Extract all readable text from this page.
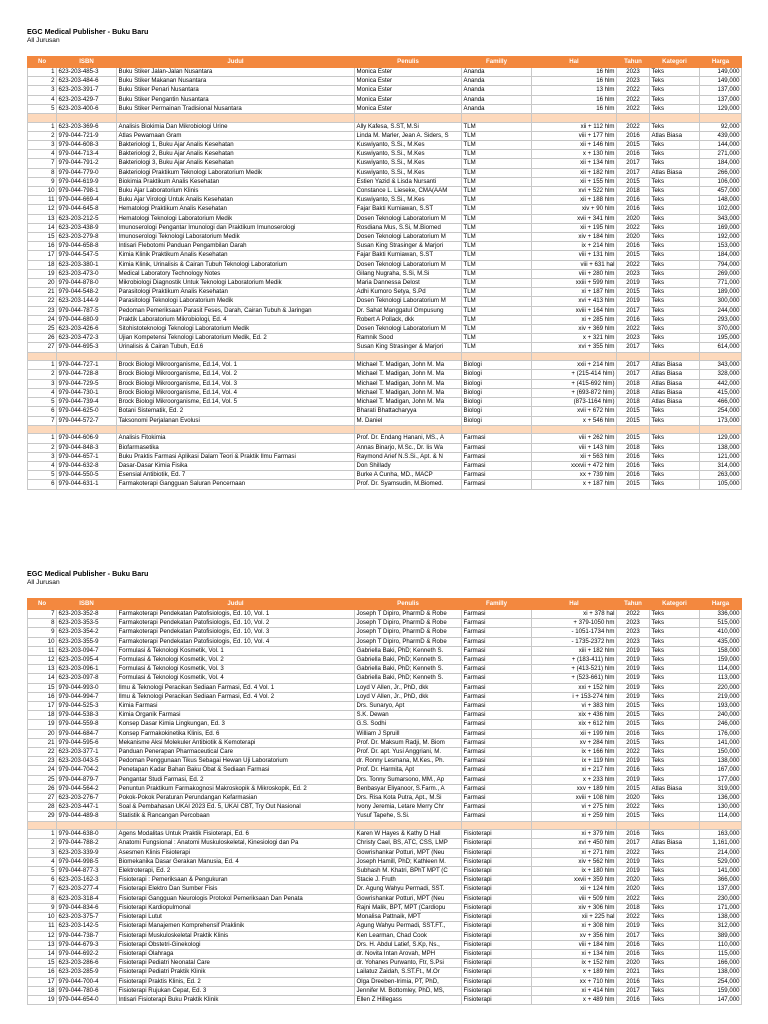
EGC Medical Publisher - Buku Baru
All Jurusan
No	ISBN	Judul	Penulis	Familly	Hal	Tahun	Kategori	Harga
1	623-203-485-3	Buku Stiker Jalan-Jalan Nusantara	Monica Ester	Ananda	16 hlm	2023	Teks	149,000
2	623-203-484-6	Buku Stiker Makanan Nusantara	Monica Ester	Ananda	16 hlm	2023	Teks	149,000
3	623-203-391-7	Buku Stiker Penari Nusantara	Monica Ester	Ananda	13 hlm	2022	Teks	137,000
4	623-203-429-7	Buku Stiker Pengantin Nusantara	Monica Ester	Ananda	16 hlm	2022	Teks	137,000
5	623-203-400-6	Buku Stiker Permainan Tradisional Nusantara	Monica Ester	Ananda	16 hlm	2022	Teks	129,000

1	623-203-369-6	Analisis Biokimia Dan Mikrobiologi Urine	Ally Kafesa, S.ST, M.Si	TLM	xii + 112 hlm	2022	Teks	92,000
2	979-044-721-9	Atlas Pewarnaan Gram	Linda M. Marler, Jean A. Siders, S	TLM	viii + 177 hlm	2016	Atlas Biasa	439,000
3	979-044-608-3	Bakteriologi 1, Buku Ajar Analis Kesehatan	Kuswiyanto, S.Si., M.Kes	TLM	xii + 146 hlm	2015	Teks	144,000
4	979-044-713-4	Bakteriologi 2, Buku Ajar Analis Kesehatan	Kuswiyanto, S.Si., M.Kes	TLM	x + 130 hlm	2016	Teks	271,000
7	979-044-791-2	Bakteriologi 3, Buku Ajar Analis Kesehatan	Kuswiyanto, S.Si., M.Kes	TLM	xii + 134 hlm	2017	Teks	184,000
8	979-044-779-0	Bakteriologi Praktikum Teknologi Laboratorium Medik	Kuswiyanto, S.Si., M.Kes	TLM	xii + 182 hlm	2017	Atlas Biasa	266,000
9	979-044-619-9	Biokimia Praktikum Analis Kesehatan	Estien Yazid & Lisda Nursanti	TLM	xii + 155 hlm	2015	Teks	106,000
10	979-044-798-1	Buku Ajar Laboratorium Klinis	Constance L. Lieseke, CMA(AAM	TLM	xvi + 522 hlm	2018	Teks	457,000
11	979-044-669-4	Buku Ajar Virologi Untuk Analis Kesehatan	Kuswiyanto, S.Si., M.Kes	TLM	xii + 188 hlm	2016	Teks	148,000
12	979-044-645-8	Hematologi Praktikum Analis Kesehatan	Fajar Bakti Kurniawan, S.ST	TLM	xiv + 90 hlm	2016	Teks	102,000
13	623-203-212-5	Hematologi Teknologi Laboratorium Medik	Dosen Teknologi Laboratorium M	TLM	xvii + 341 hlm	2020	Teks	343,000
14	623-203-438-9	Imunoserologi Pengantar Imunologi dan Praktikum Imunoserologi	Rosdiana Mus, S.Si, M.Biomed	TLM	xii + 195 hlm	2022	Teks	169,000
15	623-203-279-8	Imunoserologi Teknologi Laboratorium Medik	Dosen Teknologi Laboratorium M	TLM	xiv + 184 hlm	2020	Teks	192,000
16	979-044-658-8	Intisari Flebotomi Panduan Pengambilan Darah	Susan King Strasinger & Marjori	TLM	ix + 214 hlm	2016	Teks	153,000
17	979-044-547-5	Kimia Klinik Praktikum Analis Kesehatan	Fajar Bakti Kurniawan, S.ST	TLM	viii + 131 hlm	2015	Teks	184,000
18	623-203-380-1	Kimia Klinik, Urinalisis & Cairan Tubuh Teknologi Laboratorium	Dosen Teknologi Laboratorium M	TLM	viii + 631 hal	2022	Teks	794,000
19	623-203-473-0	Medical Laboratory Technology Notes	Gilang Nugraha, S.Si, M.Si	TLM	viii + 280 hlm	2023	Teks	269,000
20	979-044-878-0	Mikrobiologi Diagnostik Untuk Teknologi Laboratorium Medik	Maria Dannessa Delost	TLM	xxiii + 599 hlm	2019	Teks	771,000
21	979-044-548-2	Parasitologi Praktikum Analis Kesehatan	Adhi Kumoro Setya, S.Pd	TLM	xi + 187 hlm	2015	Teks	189,000
22	623-203-144-9	Parasitologi Teknologi Laboratorium Medik	Dosen Teknologi Laboratorium M	TLM	xvi + 413 hlm	2019	Teks	300,000
23	979-044-787-5	Pedoman Pemeriksaan Parasit Feses, Darah, Cairan Tubuh & Jaringan	Dr. Sahat Manggatul Ompusung	TLM	xviii + 164 hlm	2017	Teks	244,000
24	979-044-680-9	Praktik Laboratorium Mikrobiologi, Ed. 4	Robert A Pollack, dkk	TLM	xi + 285 hlm	2016	Teks	293,000
25	623-203-426-6	Sitohistoteknologi Teknologi Laboratorium Medik	Dosen Teknologi Laboratorium M	TLM	xiv + 369 hlm	2022	Teks	370,000
26	623-203-472-3	Ujian Kompetensi Teknologi Laboratorium Medik, Ed. 2	Ramnik Sood	TLM	x + 321 hlm	2023	Teks	195,000
27	979-044-695-3	Urinalisis & Cairan Tubuh, Ed.6	Susan King Strasinger & Marjori	TLM	xvi + 355 hlm	2017	Teks	614,000

1	979-044-727-1	Brock Biologi Mikroorganisme, Ed.14, Vol. 1	Michael T. Madigan, John M. Ma	Biologi	xxii + 214 hlm	2017	Atlas Biasa	343,000
2	979-044-728-8	Brock Biologi Mikroorganisme, Ed.14, Vol. 2	Michael T. Madigan, John M. Ma	Biologi	+ (215-414 hlm)	2017	Atlas Biasa	328,000
3	979-044-729-5	Brock Biologi Mikroorganisme, Ed.14, Vol. 3	Michael T. Madigan, John M. Ma	Biologi	+ (415-692 hlm)	2018	Atlas Biasa	442,000
4	979-044-730-1	Brock Biologi Mikroorganisme, Ed.14, Vol. 4	Michael T. Madigan, John M. Ma	Biologi	+ (693-872 hlm)	2018	Atlas Biasa	415,000
5	979-044-739-4	Brock Biologi Mikroorganisme, Ed.14, Vol. 5	Michael T. Madigan, John M. Ma	Biologi	(873-1164 hlm)	2018	Atlas Biasa	466,000
6	979-044-625-0	Botani Sistematik, Ed. 2	Bharati Bhattacharyya	Biologi	xvii + 672 hlm	2015	Teks	254,000
7	979-044-572-7	Taksonomi Perjalanan Evolusi	M. Daniel	Biologi	x + 546 hlm	2015	Teks	173,000

1	979-044-606-9	Analisis Fitokimia	Prof. Dr. Endang Hanani, MS., A	Farmasi	viii + 262 hlm	2015	Teks	129,000
2	979-044-848-3	Biofarmasetika	Annas Binarjo, M.Sc., Dr. Iis Wa	Farmasi	viii + 143 hlm	2018	Teks	138,000
3	979-044-657-1	Buku Praktis Farmasi Aplikasi Dalam Teori & Praktik Ilmu Farmasi	Raymond Arief N.S.Si., Apt. & N	Farmasi	xii + 563 hlm	2016	Teks	121,000
4	979-044-632-8	Dasar-Dasar Kimia Fisika	Don Shillady	Farmasi	xxxvii + 472 hlm	2016	Teks	314,000
5	979-044-550-5	Esensial Antibiotik, Ed. 7	Burke A Cunha, MD., MACP	Farmasi	xx + 739 hlm	2016	Teks	263,000
6	979-044-631-1	Farmakoterapi Gangguan Saluran Pencernaan	Prof. Dr. Syamsudin, M.Biomed.	Farmasi	x + 187 hlm	2015	Teks	105,000
EGC Medical Publisher - Buku Baru
All Jurusan
No	ISBN	Judul	Penulis	Familly	Hal	Tahun	Kategori	Harga
7	623-203-352-8	Farmakoterapi Pendekatan Patofisiologis, Ed. 10, Vol. 1	Joseph T Dipiro, PharmD & Robe	Farmasi	xi + 378 hal	2022	Teks	336,000
8	623-203-353-5	Farmakoterapi Pendekatan Patofisiologis, Ed. 10, Vol. 2	Joseph T Dipiro, PharmD & Robe	Farmasi	+ 379-1050 hm	2023	Teks	515,000
9	623-203-354-2	Farmakoterapi Pendekatan Patofisiologis, Ed. 10, Vol. 3	Joseph T Dipiro, PharmD & Robe	Farmasi	- 1051-1734 hm	2023	Teks	410,000
10	623-203-355-9	Farmakoterapi Pendekatan Patofisiologis, Ed. 10, Vol. 4	Joseph T Dipiro, PharmD & Robe	Farmasi	- 1735-2372 hm	2023	Teks	435,000
11	623-203-094-7	Formulasi & Teknologi Kosmetik, Vol. 1	Gabriella Baki, PhD; Kenneth S.	Farmasi	xiii + 182 hlm	2019	Teks	158,000
12	623-203-095-4	Formulasi & Teknologi Kosmetik, Vol. 2	Gabriella Baki, PhD; Kenneth S.	Farmasi	+ (183-411) hlm	2019	Teks	159,000
13	623-203-096-1	Formulasi & Teknologi Kosmetik, Vol. 3	Gabriella Baki, PhD; Kenneth S.	Farmasi	+ (413-521) hlm	2019	Teks	114,000
14	623-203-097-8	Formulasi & Teknologi Kosmetik, Vol. 4	Gabriella Baki, PhD; Kenneth S.	Farmasi	+ (523-661) hlm	2019	Teks	113,000
15	979-044-993-0	Ilmu & Teknologi Peracikan Sediaan Farmasi, Ed. 4 Vol. 1	Loyd V Allen, Jr., PhD, dkk	Farmasi	xxi + 152 hlm	2019	Teks	220,000
16	979-044-994-7	Ilmu & Teknologi Peracikan Sediaan Farmasi, Ed. 4 Vol. 2	Loyd V Allen, Jr., PhD, dkk	Farmasi	i + 153-274 hlm	2019	Teks	219,000
17	979-044-525-3	Kimia Farmasi	Drs. Sunaryo, Apt	Farmasi	vi + 383 hlm	2015	Teks	193,000
18	979-044-538-3	Kimia Organik Farmasi	S.K. Dewan	Farmasi	xix + 436 hlm	2015	Teks	240,000
19	979-044-559-8	Konsep Dasar Kimia Lingkungan, Ed. 3	G.S. Sodhi	Farmasi	xix + 612 hlm	2015	Teks	246,000
20	979-044-684-7	Konsep Farmakokinetika Klinis, Ed. 6	William J Spruill	Farmasi	xii + 199 hlm	2016	Teks	176,000
21	979-044-595-6	Mekanisme Aksi Molekuler Antibiotik & Kemoterapi	Prof. Dr. Maksum Radji, M. Biom	Farmasi	xv + 284 hlm	2015	Teks	141,000
22	623-203-377-1	Panduan Penerapan Pharmaceutical Care	Prof. Dr. apt. Yusi Anggriani, M.	Farmasi	ix + 166 hlm	2022	Teks	150,000
23	623-203-043-5	Pedoman Penggunaan Tikus Sebagai Hewan Uji Laboratorium	dr. Ronny Lesmana, M.Kes., Ph.	Farmasi	ix + 119 hlm	2019	Teks	138,000
24	979-044-704-2	Penetapan Kadar Bahan Baku Obat & Sediaan Farmasi	Prof. Dr. Harmita, Apt	Farmasi	xi + 217 hlm	2016	Teks	167,000
25	979-044-879-7	Pengantar Studi Farmasi, Ed. 2	Drs. Tonny Sumarsono, MM., Ap	Farmasi	x + 233 hlm	2019	Teks	177,000
26	979-044-564-2	Penuntun Praktikum Farmakognosi Makroskopik & Mikroskopik, Ed. 2	Benbasyar Eliyanoor, S.Farm., A	Farmasi	xxv + 189 hlm	2015	Atlas Biasa	319,000
27	623-203-276-7	Pokok-Pokok Peraturan Perundangan Kefarmasian	Drs. Risa Kota Putra, Apt., M.Si	Farmasi	xviii + 108 hlm	2020	Teks	136,000
28	623-203-447-1	Soal & Pembahasan UKAI 2023 Ed. 5, UKAI CBT, Try Out Nasional	Ivony Jeremia, Letare Merry Chr	Farmasi	vi + 275 hlm	2022	Teks	130,000
29	979-044-489-8	Statistik & Rancangan Percobaan	Yusuf Tapehe, S.Si.	Farmasi	xi + 259 hlm	2015	Teks	114,000

1	979-044-638-0	Agens Modalitas Untuk Praktik Fisioterapi, Ed. 6	Karen W Hayes & Kathy D Hall	Fisioterapi	xi + 379 hlm	2016	Teks	163,000
2	979-044-788-2	Anatomi Fungsional : Anatomi Muskuloskeletal, Kinesiologi dan Pa	Christy Cael, BS, ATC, CSS, LMP	Fisioterapi	xvi + 450 hlm	2017	Atlas Biasa	1,161,000
3	623-203-339-9	Asesmen Klinis Fisioterapi	Gowrishankar Potturi, MPT (Neu	Fisioterapi	xi + 271 hlm	2022	Teks	214,000
4	979-044-998-5	Biomekanika Dasar Gerakan Manusia, Ed. 4	Joseph Hamill, PhD; Kathleen M.	Fisioterapi	xiv + 562 hlm	2019	Teks	529,000
5	979-044-877-3	Elektroterapi, Ed. 2	Subhash M. Khatri, BPhT MPT (C	Fisioterapi	ix + 180 hlm	2019	Teks	141,000
6	623-203-162-3	Fisioterapi : Pemeriksaan & Pengukuran	Stacie J. Fruth	Fisioterapi	xxvii + 359 hlm	2020	Teks	366,000
7	623-203-277-4	Fisioterapi Elektro Dan Sumber Fisis	Dr. Agung Wahyu Permadi, SST.	Fisioterapi	xii + 124 hlm	2020	Teks	137,000
8	623-203-318-4	Fisioterapi Gangguan Neurologis Protokol Pemeriksaan Dan Penata	Gowrishankar Potturi, MPT (Neu	Fisioterapi	viii + 509 hlm	2022	Teks	230,000
9	979-044-834-6	Fisioterapi Kardiopulmonal	Rajni Malik, BPT, MPT (Cardiopu	Fisioterapi	xiv + 306 hlm	2018	Teks	171,000
10	623-203-375-7	Fisioterapi Lutut	Monalisa Pattnaik, MPT	Fisioterapi	xii + 225 hal	2022	Teks	138,000
11	623-203-142-5	Fisioterapi Manajemen Komprehensif Praklinik	Agung Wahyu Permadi, SST.FT.,	Fisioterapi	xi + 308 hlm	2019	Teks	312,000
12	979-044-738-7	Fisioterapi Muskuloskeletal Praktik Klinis	Ken Learman, Chad Cook	Fisioterapi	xv + 356 hlm	2017	Teks	389,000
13	979-044-679-3	Fisioterapi Obstetri-Ginekologi	Drs. H. Abdul Latief, S.Kp, Ns.,	Fisioterapi	viii + 184 hlm	2016	Teks	110,000
14	979-044-692-2	Fisioterapi Olahraga	dr. Novita Intan Arovah, MPH	Fisioterapi	xi + 134 hlm	2016	Teks	115,000
15	623-203-286-6	Fisioterapi Pediatri Neonatal Care	dr. Yohanes Purwanto, Ftr, S.Psi	Fisioterapi	ix + 152 hlm	2020	Teks	166,000
16	623-203-285-9	Fisioterapi Pediatri Praktik Klinik	Lailatuz Zaidah, S.ST.Ft., M.Or	Fisioterapi	x + 189 hlm	2021	Teks	138,000
17	979-044-700-4	Fisioterapi Praktis Klinis, Ed. 2	Olga Dreeben-Irimia, PT, PhD,	Fisioterapi	xx + 710 hlm	2016	Teks	254,000
18	979-044-780-6	Fisioterapi Rujukan Cepat, Ed. 3	Jennifer M. Bottomley, PhD, MS,	Fisioterapi	xi + 414 hlm	2017	Teks	159,000
19	979-044-654-0	Intisari Fisioterapi Buku Praktik Klinik	Ellen Z Hillegass	Fisioterapi	x + 489 hlm	2016	Teks	147,000
